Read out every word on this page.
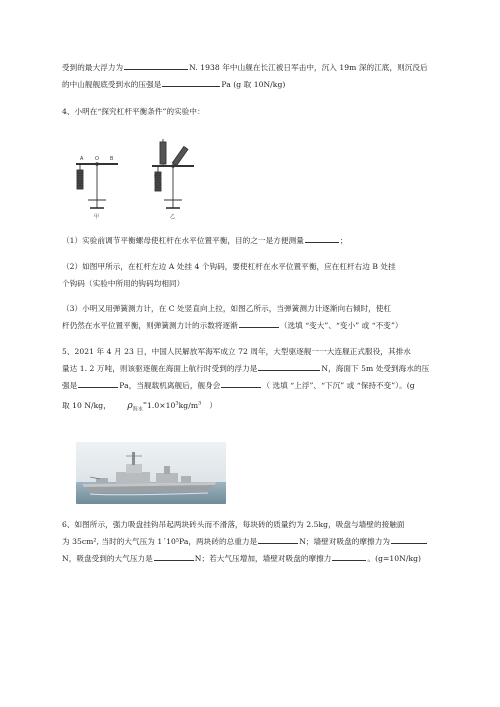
受到的最大浮力为	N. 1938 年中山舰在长江被日军击中，沉入 19m 深的江底，则沉没后

的中山舰舰底受到水的压强是	Pa (g 取 10N/kg)

4、小明在“探究杠杆平衡条件”的实验中：

A O B
甲
C
乙

（1）实验前调节平衡螺母使杠杆在水平位置平衡，目的之一是方便测量	；

（2）如图甲所示，在杠杆左边 A 处挂 4 个钩码，要使杠杆在水平位置平衡，应在杠杆右边 B 处挂

个钩码（实验中所用的钩码均相同）

（3）小明又用弹簧测力计，在 C 处竖直向上拉，如图乙所示，当弹簧测力计逐渐向右倾时，使杠

杆仍然在水平位置平衡，则弹簧测力计的示数将逐渐	（选填 “变大”、“变小” 或 “不变”）

5、2021 年 4 月 23 日，中国人民解放军海军成立 72 周年，大型驱逐舰一一大连舰正式服役，其排水

量达 1. 2 万吨，则该驱逐舰在海面上航行时受到的浮力是	N，海面下 5m 处受到海水的压

强是	Pa，当舰载机离舰后，舰身会	（ 选填 “上浮”、“下沉” 或 “保持不变”）。(g

取 10 N/kg， $\rho_{海水}^\approx 1.0\times 10^3kg/m^3$ ）

6、如图所示，强力吸盘挂钩吊起两块砖头而不滑落，每块砖的质量约为 2.5kg，吸盘与墙壁的接触面

为 35cm², 当时的大气压为 1ˊ10⁵Pa，两块砖的总重力是	N；墙壁对吸盘的摩擦力为

N，吸盘受到的大气压力是	N；若大气压增加，墙壁对吸盘的摩擦力	。(g=10N/kg)
